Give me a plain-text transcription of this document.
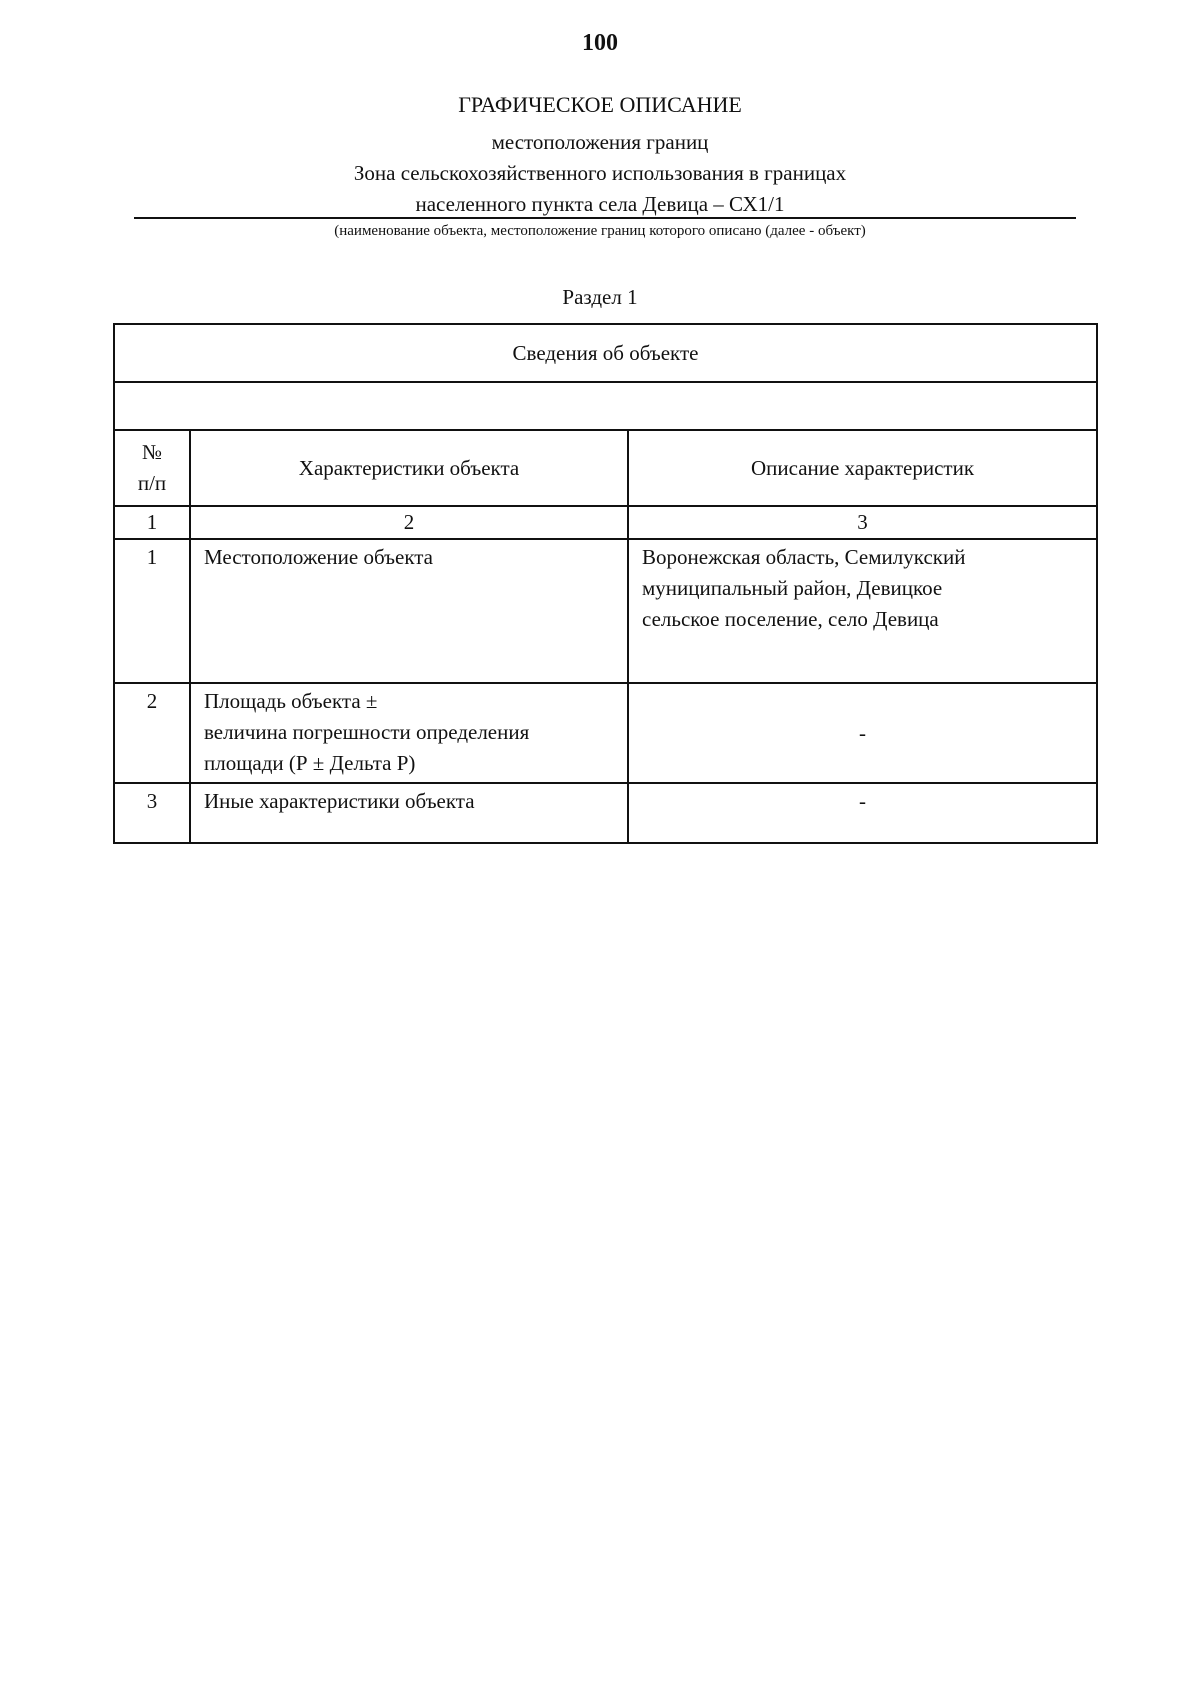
100
ГРАФИЧЕСКОЕ ОПИСАНИЕ
местоположения границ
Зона сельскохозяйственного использования в границах
населенного пункта села Девица – СХ1/1
(наименование объекта, местоположение границ которого описано (далее - объект)
Раздел 1
Сведения об объекте		

№
п/п	Характеристики объекта	Описание характеристик
1	2	3
1	Местоположение объекта	Воронежская область, Семилукский
муниципальный район, Девицкое
сельское поселение, село Девица

2	Площадь объекта ±
величина погрешности определения
площади (Р ± Дельта Р)	-
3	Иные характеристики объекта	-
